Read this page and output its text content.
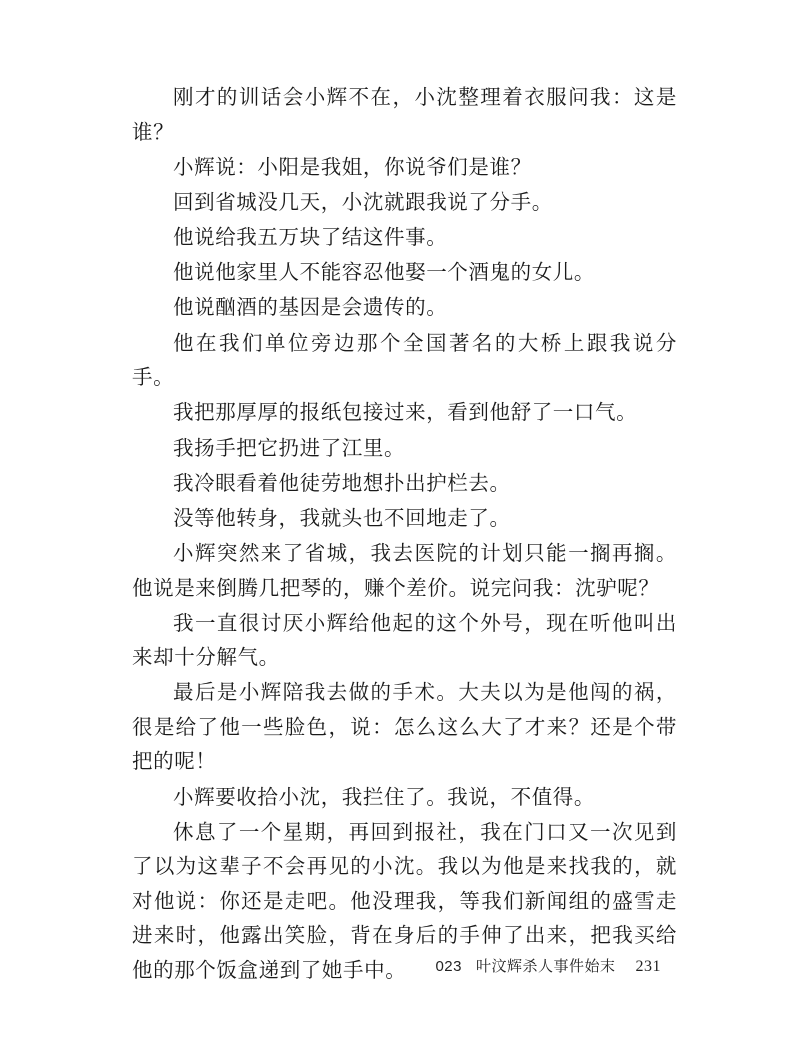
刚才的训话会小辉不在，小沈整理着衣服问我：这是谁？

小辉说：小阳是我姐，你说爷们是谁？

回到省城没几天，小沈就跟我说了分手。

他说给我五万块了结这件事。

他说他家里人不能容忍他娶一个酒鬼的女儿。

他说酗酒的基因是会遗传的。

他在我们单位旁边那个全国著名的大桥上跟我说分手。

我把那厚厚的报纸包接过来，看到他舒了一口气。

我扬手把它扔进了江里。

我冷眼看着他徒劳地想扑出护栏去。

没等他转身，我就头也不回地走了。

小辉突然来了省城，我去医院的计划只能一搁再搁。他说是来倒腾几把琴的，赚个差价。说完问我：沈驴呢？

我一直很讨厌小辉给他起的这个外号，现在听他叫出来却十分解气。

最后是小辉陪我去做的手术。大夫以为是他闯的祸，很是给了他一些脸色，说：怎么这么大了才来？还是个带把的呢！

小辉要收拾小沈，我拦住了。我说，不值得。

休息了一个星期，再回到报社，我在门口又一次见到了以为这辈子不会再见的小沈。我以为他是来找我的，就对他说：你还是走吧。他没理我，等我们新闻组的盛雪走进来时，他露出笑脸，背在身后的手伸了出来，把我买给他的那个饭盒递到了她手中。	023 叶汶辉杀人事件始末 231
